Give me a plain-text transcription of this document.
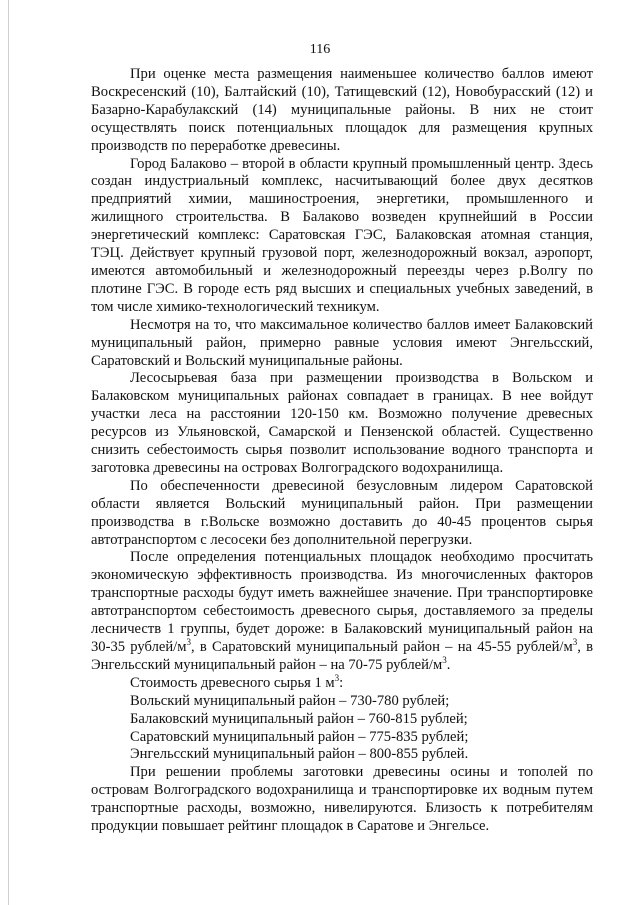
116

При оценке места размещения наименьшее количество баллов имеют Воскресенский (10), Балтайский (10), Татищевский (12), Новобурасский (12) и Базарно-Карабулакский (14) муниципальные районы. В них не стоит осуществлять поиск потенциальных площадок для размещения крупных производств по переработке древесины.

Город Балаково – второй в области крупный промышленный центр. Здесь создан индустриальный комплекс, насчитывающий более двух десятков предприятий химии, машиностроения, энергетики, промышленного и жилищного строительства. В Балаково возведен крупнейший в России энергетический комплекс: Саратовская ГЭС, Балаковская атомная станция, ТЭЦ. Действует крупный грузовой порт, железнодорожный вокзал, аэропорт, имеются автомобильный и железнодорожный переезды через р.Волгу по плотине ГЭС. В городе есть ряд высших и специальных учебных заведений, в том числе химико-технологический техникум.

Несмотря на то, что максимальное количество баллов имеет Балаковский муниципальный район, примерно равные условия имеют Энгельсский, Саратовский и Вольский муниципальные районы.

Лесосырьевая база при размещении производства в Вольском и Балаковском муниципальных районах совпадает в границах. В нее войдут участки леса на расстоянии 120-150 км. Возможно получение древесных ресурсов из Ульяновской, Самарской и Пензенской областей. Существенно снизить себестоимость сырья позволит использование водного транспорта и заготовка древесины на островах Волгоградского водохранилища.

По обеспеченности древесиной безусловным лидером Саратовской области является Вольский муниципальный район. При размещении производства в г.Вольске возможно доставить до 40-45 процентов сырья автотранспортом с лесосеки без дополнительной перегрузки.

После определения потенциальных площадок необходимо просчитать экономическую эффективность производства. Из многочисленных факторов транспортные расходы будут иметь важнейшее значение. При транспортировке автотранспортом себестоимость древесного сырья, доставляемого за пределы лесничеств 1 группы, будет дороже: в Балаковский муниципальный район на 30-35 рублей/$м^3$, в Саратовский муниципальный район – на 45-55 рублей/$м^3$, в Энгельсский муниципальный район – на 70-75 рублей/$м^3$.

Стоимость древесного сырья 1 $м^3$:

Вольский муниципальный район – 730-780 рублей;

Балаковский муниципальный район – 760-815 рублей;

Саратовский муниципальный район – 775-835 рублей;

Энгельсский муниципальный район – 800-855 рублей.

При решении проблемы заготовки древесины осины и тополей по островам Волгоградского водохранилища и транспортировке их водным путем транспортные расходы, возможно, нивелируются. Близость к потребителям продукции повышает рейтинг площадок в Саратове и Энгельсе.
